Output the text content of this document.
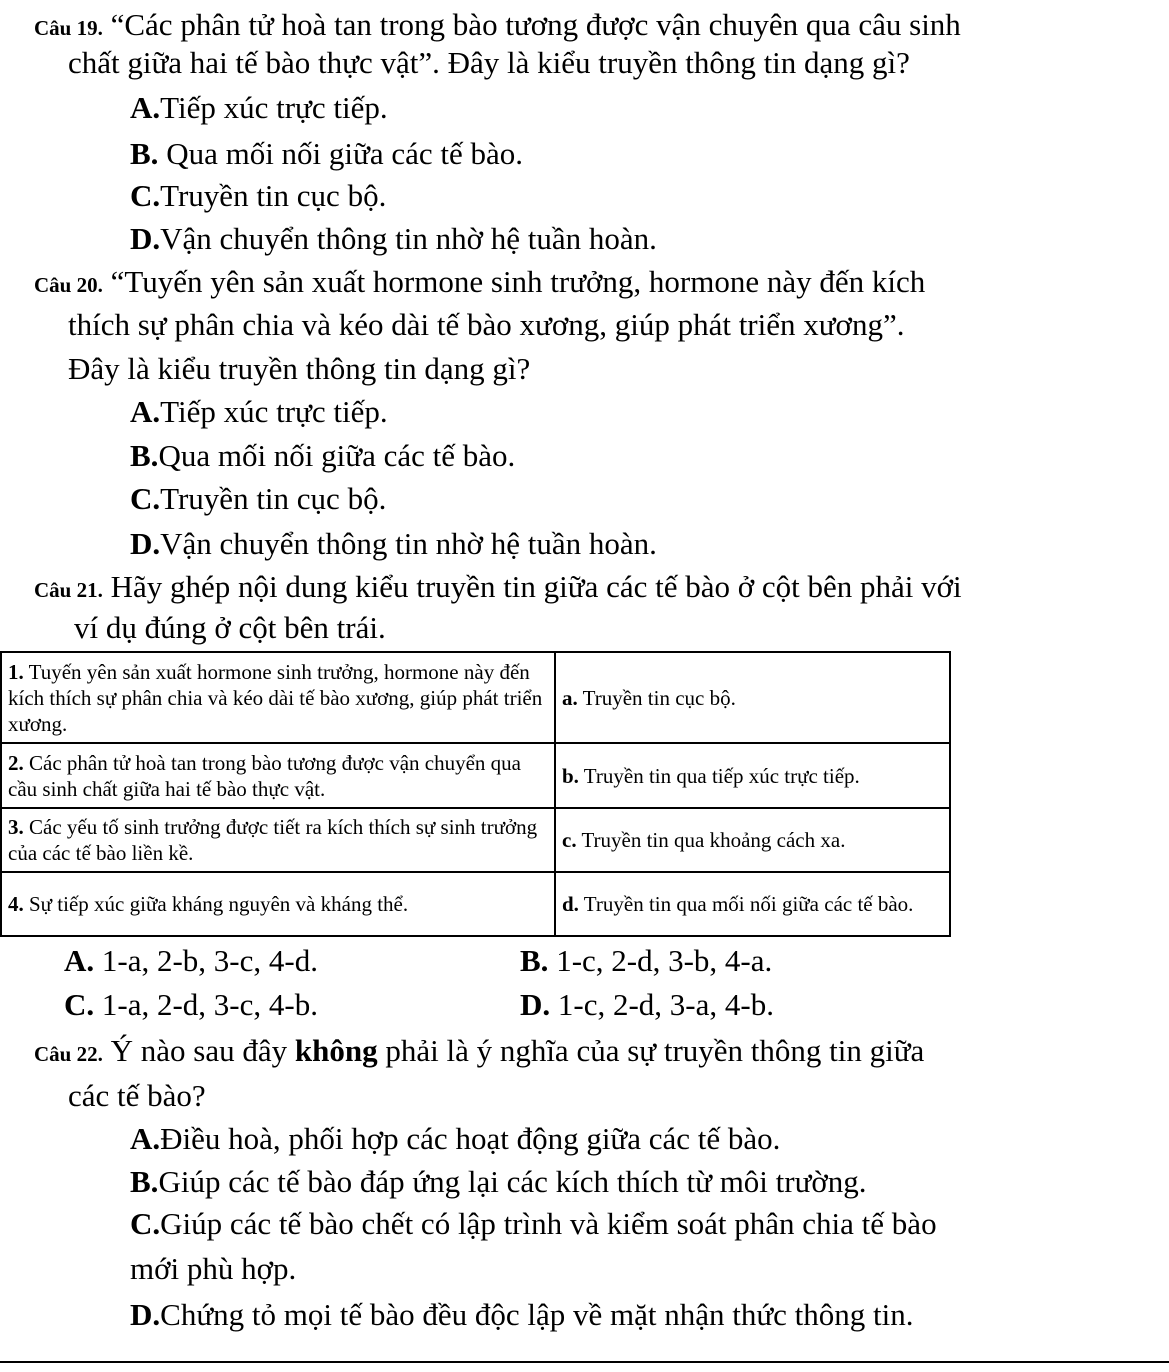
Câu 19. “Các phân tử hoà tan trong bào tương được vận chuyên qua câu sinh
chất giữa hai tế bào thực vật”. Đây là kiểu truyền thông tin dạng gì?
A.Tiếp xúc trực tiếp.
B. Qua mối nối giữa các tế bào.
C.Truyền tin cục bộ.
D.Vận chuyển thông tin nhờ hệ tuần hoàn.
Câu 20. “Tuyến yên sản xuất hormone sinh trưởng, hormone này đến kích
thích sự phân chia và kéo dài tế bào xương, giúp phát triển xương”.
Đây là kiểu truyền thông tin dạng gì?
A.Tiếp xúc trực tiếp.
B.Qua mối nối giữa các tế bào.
C.Truyền tin cục bộ.
D.Vận chuyển thông tin nhờ hệ tuần hoàn.
Câu 21. Hãy ghép nội dung kiểu truyền tin giữa các tế bào ở cột bên phải với
ví dụ đúng ở cột bên trái.
1. Tuyến yên sản xuất hormone sinh trưởng, hormone này đến kích thích sự phân chia và kéo dài tế bào xương, giúp phát triển xương.	a. Truyền tin cục bộ.
2. Các phân tử hoà tan trong bào tương được vận chuyển qua cầu sinh chất giữa hai tế bào thực vật.	b. Truyền tin qua tiếp xúc trực tiếp.
3. Các yếu tố sinh trưởng được tiết ra kích thích sự sinh trưởng của các tế bào liền kề.	c. Truyền tin qua khoảng cách xa.
4. Sự tiếp xúc giữa kháng nguyên và kháng thể.	d. Truyền tin qua mối nối giữa các tế bào.
A. 1-a, 2-b, 3-c, 4-d.	B. 1-c, 2-d, 3-b, 4-a.
C. 1-a, 2-d, 3-c, 4-b.	D. 1-c, 2-d, 3-a, 4-b.
Câu 22. Ý nào sau đây không phải là ý nghĩa của sự truyền thông tin giữa
các tế bào?
A.Điều hoà, phối hợp các hoạt động giữa các tế bào.
B.Giúp các tế bào đáp ứng lại các kích thích từ môi trường.
C.Giúp các tế bào chết có lập trình và kiểm soát phân chia tế bào
mới phù hợp.
D.Chứng tỏ mọi tế bào đều độc lập về mặt nhận thức thông tin.
